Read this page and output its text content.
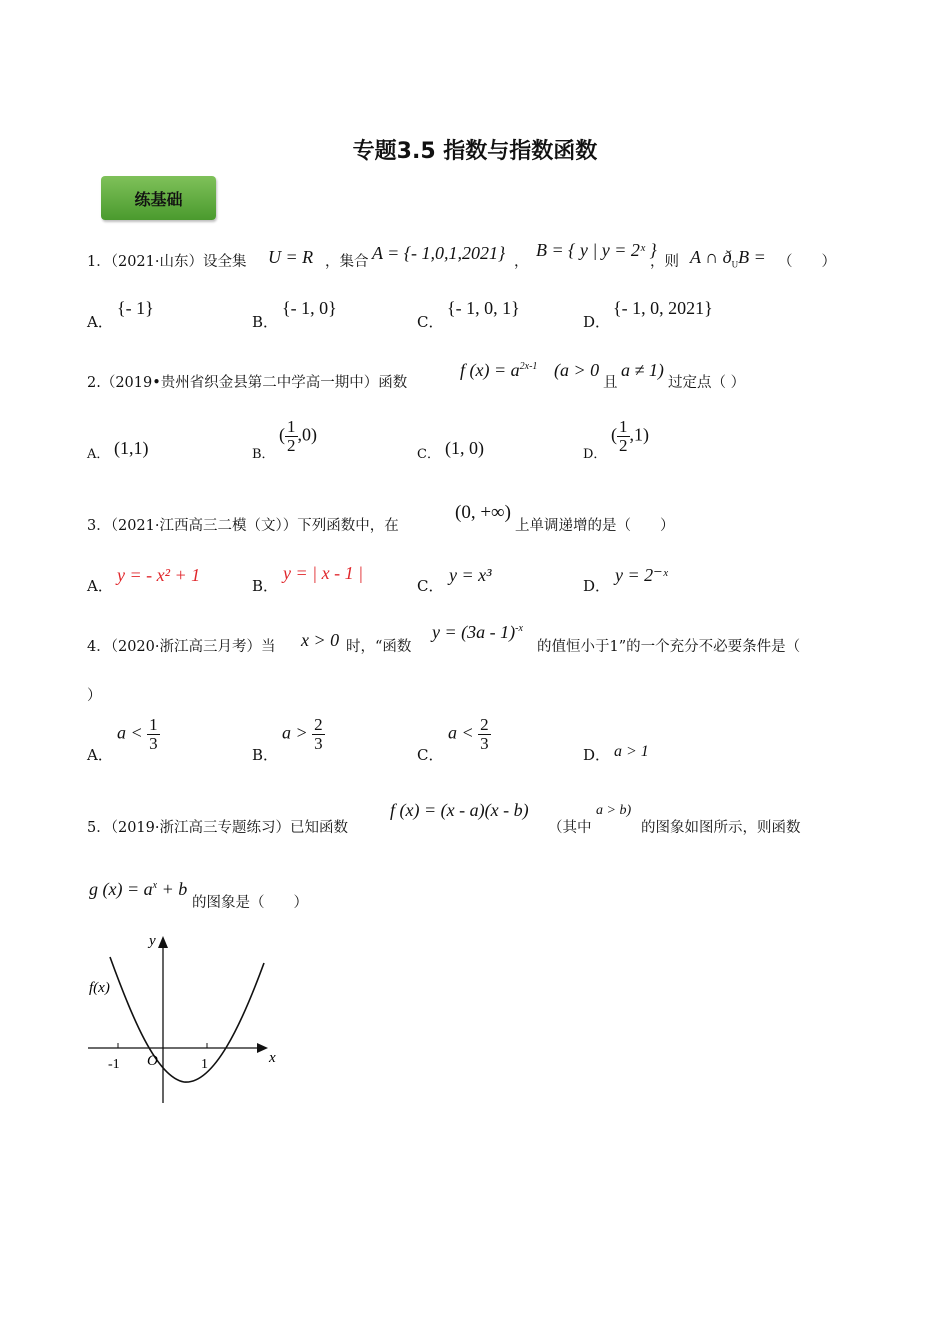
专题3.5 指数与指数函数
练基础
1．（2021·山东）设全集 U = R ，集合 A = {- 1,0,1,2021} ，
B = { y | y = 2ˣ }
，则 A ∩ $ð_UB$ = （　　）
A．
{- 1}
B．
{- 1, 0}
C．
{- 1, 0, 1}
D．
{- 1, 0, 2021}
2.（2019•贵州省织金县第二中学高一期中）函数
f $(x) = a^{2x-1}$ (a > 0
且
a ≠ 1)
过定点（ ）
A． (1,1)	B．
( $\frac{1}{2} ,0$)
C． (1, 0)	D．
( $\frac{1}{2} ,1$)
3．（2021·江西高三二模（文））下列函数中，在
(0, +∞)
上单调递增的是（　　）
A．
y = - x² + 1
B．
y = | x - 1 |
C．
y = x³
D．
y = 2⁻ˣ
4．（2020·浙江高三月考）当 x > 0 时，“函数
y = (3a - 1)$^{-x}$
的值恒小于1”的一个充分不必要条件是（
）
A．
$a < \frac{1}{3}$
B．
$a > \frac{2}{3}$
C．
$a < \frac{2}{3}$
D． a > 1
5．（2019·浙江高三专题练习）已知函数
f (x) = (x - a)(x - b)
（其中
a > b)
的图象如图所示，则函数
g $(x) = a^x + b$
的图象是（　　）
y
x
f(x)
O
-1	1
